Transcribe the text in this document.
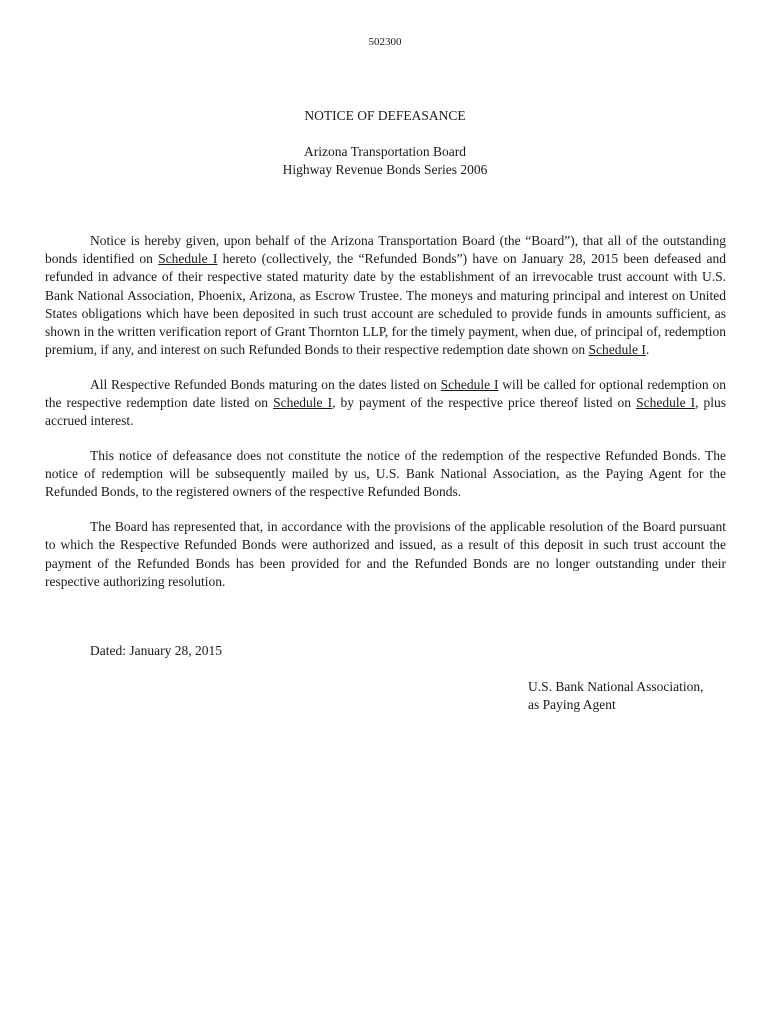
502300
NOTICE OF DEFEASANCE
Arizona Transportation Board
Highway Revenue Bonds Series 2006

Notice is hereby given, upon behalf of the Arizona Transportation Board (the “Board”), that all of the outstanding bonds identified on Schedule I hereto (collectively, the “Refunded Bonds”) have on January 28, 2015 been defeased and refunded in advance of their respective stated maturity date by the establishment of an irrevocable trust account with U.S. Bank National Association, Phoenix, Arizona, as Escrow Trustee. The moneys and maturing principal and interest on United States obligations which have been deposited in such trust account are scheduled to provide funds in amounts sufficient, as shown in the written verification report of Grant Thornton LLP, for the timely payment, when due, of principal of, redemption premium, if any, and interest on such Refunded Bonds to their respective redemption date shown on Schedule I.

All Respective Refunded Bonds maturing on the dates listed on Schedule I will be called for optional redemption on the respective redemption date listed on Schedule I, by payment of the respective price thereof listed on Schedule I, plus accrued interest.

This notice of defeasance does not constitute the notice of the redemption of the respective Refunded Bonds. The notice of redemption will be subsequently mailed by us, U.S. Bank National Association, as the Paying Agent for the Refunded Bonds, to the registered owners of the respective Refunded Bonds.

The Board has represented that, in accordance with the provisions of the applicable resolution of the Board pursuant to which the Respective Refunded Bonds were authorized and issued, as a result of this deposit in such trust account the payment of the Refunded Bonds has been provided for and the Refunded Bonds are no longer outstanding under their respective authorizing resolution.

Dated: January 28, 2015
U.S. Bank National Association,
as Paying Agent
